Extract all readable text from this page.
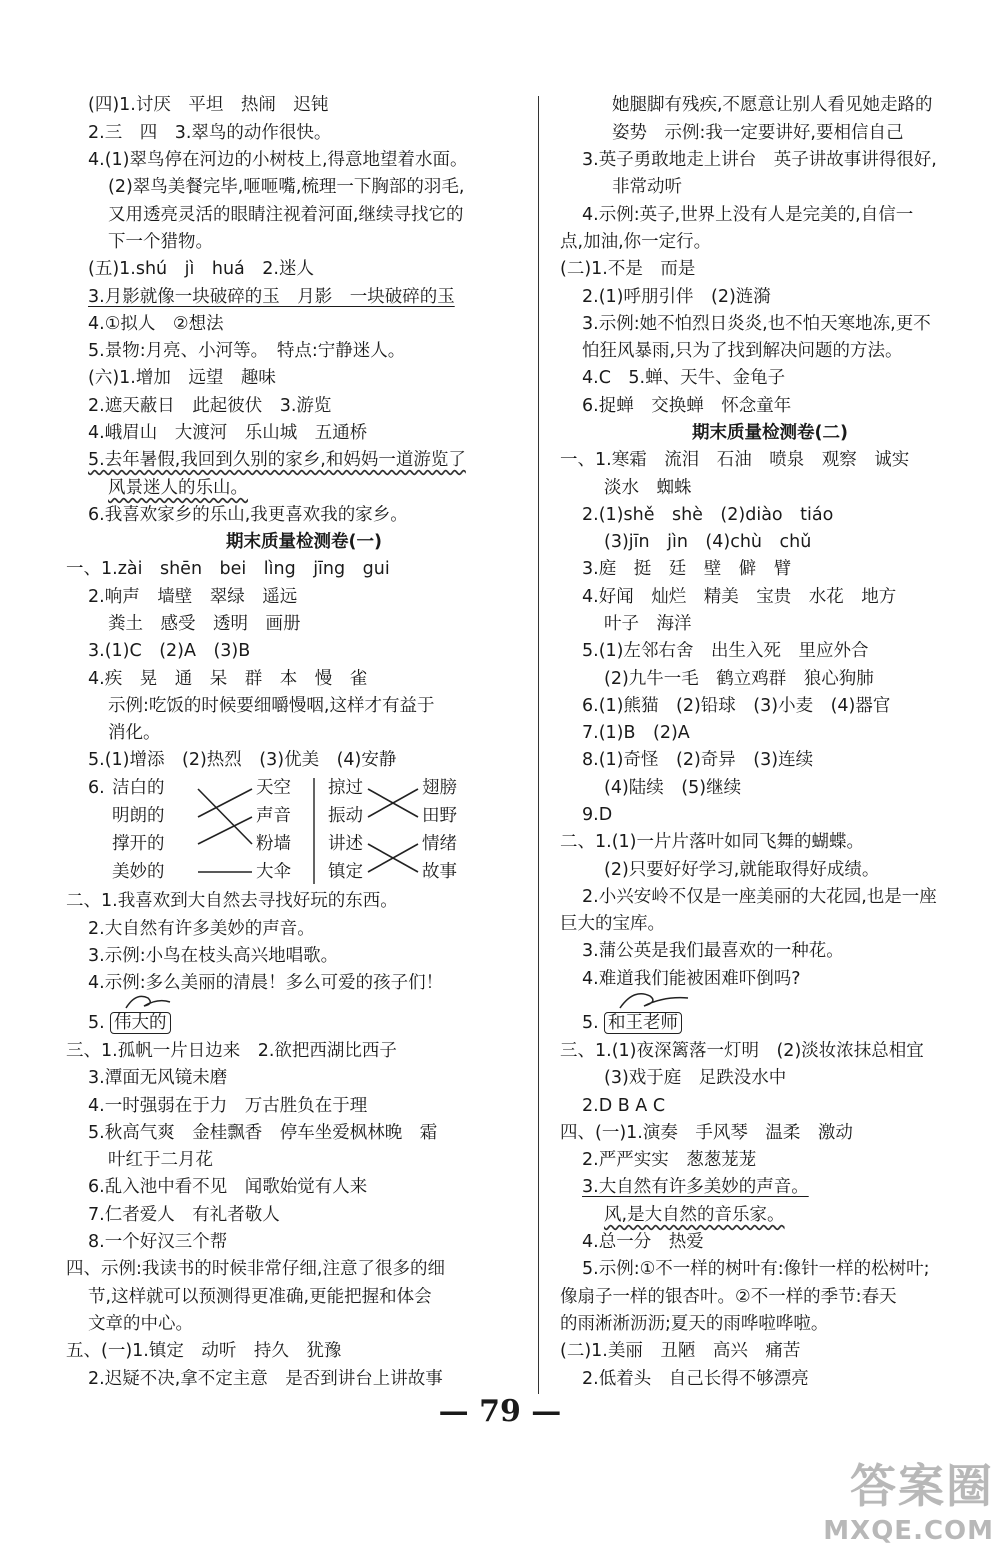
(四)1.讨厌　平坦　热闹　迟钝
2.三　四　3.翠鸟的动作很快。
4.(1)翠鸟停在河边的小树枝上,得意地望着水面。
(2)翠鸟美餐完毕,咂咂嘴,梳理一下胸部的羽毛,
又用透亮灵活的眼睛注视着河面,继续寻找它的
下一个猎物。
(五)1.shú　jì　huá　2.迷人
3.月影就像一块破碎的玉　月影　一块破碎的玉
4.①拟人　②想法
5.景物:月亮、小河等。　特点:宁静迷人。
(六)1.增加　远望　趣味
2.遮天蔽日　此起彼伏　3.游览
4.峨眉山　大渡河　乐山城　五通桥
5.去年暑假,我回到久别的家乡,和妈妈一道游览了
风景迷人的乐山。
6.我喜欢家乡的乐山,我更喜欢我的家乡。
期末质量检测卷(一)
一、1.zài　shēn　bei　lìng　jīng　gui
2.响声　墙壁　翠绿　遥远
粪土　感受　透明　画册
3.(1)C　(2)A　(3)B
4.疾　晃　通　呆　群　本　慢　雀
示例:吃饭的时候要细嚼慢咽,这样才有益于
消化。
5.(1)增添　(2)热烈　(3)优美　(4)安静
6. 洁白的
明朗的
撑开的
美妙的
天空
声音
粉墙
大伞
掠过
振动
讲述
镇定
翅膀
田野
情绪
故事
二、1.我喜欢到大自然去寻找好玩的东西。
2.大自然有许多美妙的声音。
3.示例:小鸟在枝头高兴地唱歌。
4.示例:多么美丽的清晨！多么可爱的孩子们！
5. 伟大的
三、1.孤帆一片日边来　2.欲把西湖比西子
3.潭面无风镜未磨
4.一时强弱在于力　万古胜负在于理
5.秋高气爽　金桂飘香　停车坐爱枫林晚　霜
叶红于二月花
6.乱入池中看不见　闻歌始觉有人来
7.仁者爱人　有礼者敬人
8.一个好汉三个帮
四、示例:我读书的时候非常仔细,注意了很多的细
节,这样就可以预测得更准确,更能把握和体会
文章的中心。
五、(一)1.镇定　动听　持久　犹豫
2.迟疑不决,拿不定主意　是否到讲台上讲故事
她腿脚有残疾,不愿意让别人看见她走路的
姿势　示例:我一定要讲好,要相信自己
3.英子勇敢地走上讲台　英子讲故事讲得很好,
非常动听
4.示例:英子,世界上没有人是完美的,自信一
点,加油,你一定行。
(二)1.不是　而是
2.(1)呼朋引伴　(2)涟漪
3.示例:她不怕烈日炎炎,也不怕天寒地冻,更不
怕狂风暴雨,只为了找到解决问题的方法。
4.C　5.蝉、天牛、金龟子
6.捉蝉　交换蝉　怀念童年
期末质量检测卷(二)
一、1.寒霜　流泪　石油　喷泉　观察　诚实
淡水　蜘蛛
2.(1)shě　shè　(2)diào　tiáo
(3)jīn　jìn　(4)chù　chǔ
3.庭　挺　廷　壁　僻　臂
4.好闻　灿烂　精美　宝贵　水花　地方
叶子　海洋
5.(1)左邻右舍　出生入死　里应外合
(2)九牛一毛　鹤立鸡群　狼心狗肺
6.(1)熊猫　(2)铅球　(3)小麦　(4)器官
7.(1)B　(2)A
8.(1)奇怪　(2)奇异　(3)连续
(4)陆续　(5)继续
9.D
二、1.(1)一片片落叶如同飞舞的蝴蝶。
(2)只要好好学习,就能取得好成绩。
2.小兴安岭不仅是一座美丽的大花园,也是一座
巨大的宝库。
3.蒲公英是我们最喜欢的一种花。
4.难道我们能被困难吓倒吗?
5. 和王老师
三、1.(1)夜深篱落一灯明　(2)淡妆浓抹总相宜
(3)戏于庭　足跌没水中
2.D B A C
四、(一)1.演奏　手风琴　温柔　激动
2.严严实实　葱葱茏茏
3.大自然有许多美妙的声音。
风,是大自然的音乐家。
4.总一分　热爱
5.示例:①不一样的树叶有:像针一样的松树叶;
像扇子一样的银杏叶。②不一样的季节:春天
的雨淅淅沥沥;夏天的雨哗啦哗啦。
(二)1.美丽　丑陋　高兴　痛苦
2.低着头　自己长得不够漂亮
— 79 —
答案圈
MXQE.COM
